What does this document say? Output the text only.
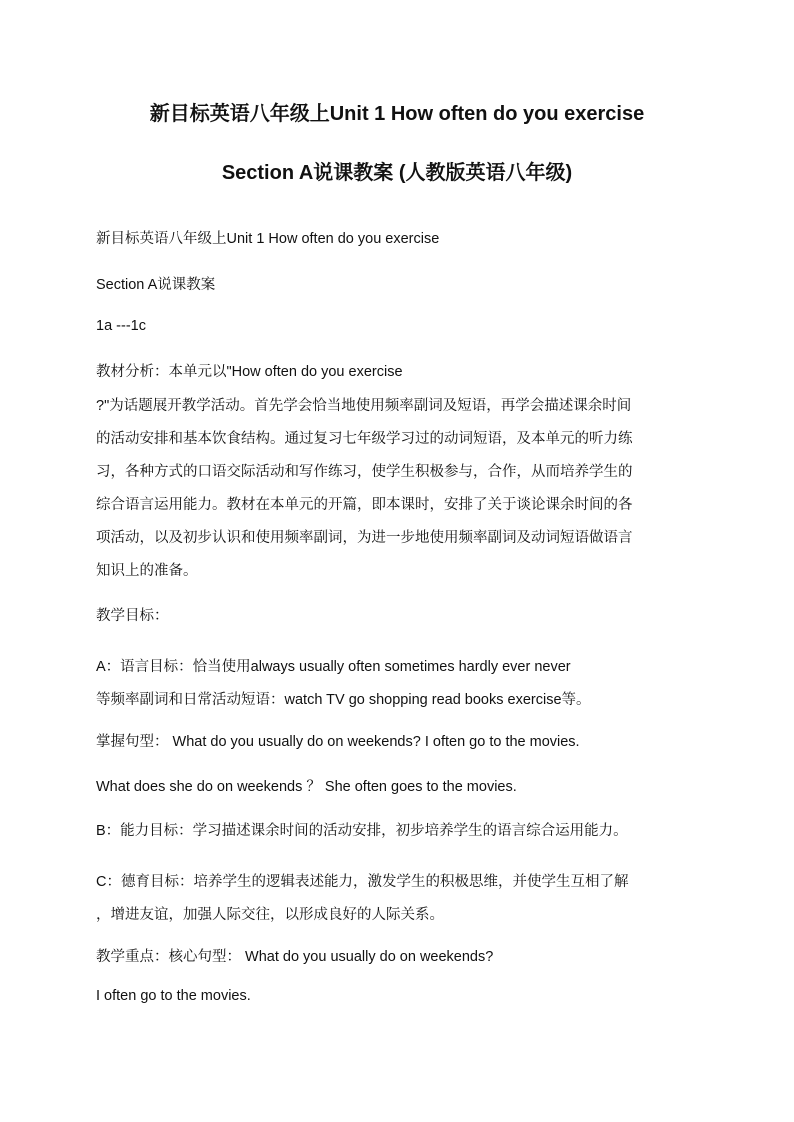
新目标英语八年级上Unit 1 How often do you exercise
Section A说课教案 (人教版英语八年级)

新目标英语八年级上Unit 1 How often do you exercise

Section A说课教案

1a ---1c

教材分析：本单元以"How often do you exercise

?"为话题展开教学活动。首先学会恰当地使用频率副词及短语，再学会描述课余时间
的活动安排和基本饮食结构。通过复习七年级学习过的动词短语，及本单元的听力练
习，各种方式的口语交际活动和写作练习，使学生积极参与，合作，从而培养学生的
综合语言运用能力。教材在本单元的开篇，即本课时，安排了关于谈论课余时间的各
项活动，以及初步认识和使用频率副词，为进一步地使用频率副词及动词短语做语言
知识上的准备。

教学目标：

A：语言目标：恰当使用always usually often sometimes hardly ever never

等频率副词和日常活动短语：watch TV go shopping read books exercise等。

掌握句型： What do you usually do on weekends? I often go to the movies.

What does she do on weekends ？ She often goes to the movies.

B：能力目标：学习描述课余时间的活动安排，初步培养学生的语言综合运用能力。

C：德育目标：培养学生的逻辑表述能力，激发学生的积极思维，并使学生互相了解
，增进友谊，加强人际交往，以形成良好的人际关系。

教学重点：核心句型： What do you usually do on weekends?

I often go to the movies.
